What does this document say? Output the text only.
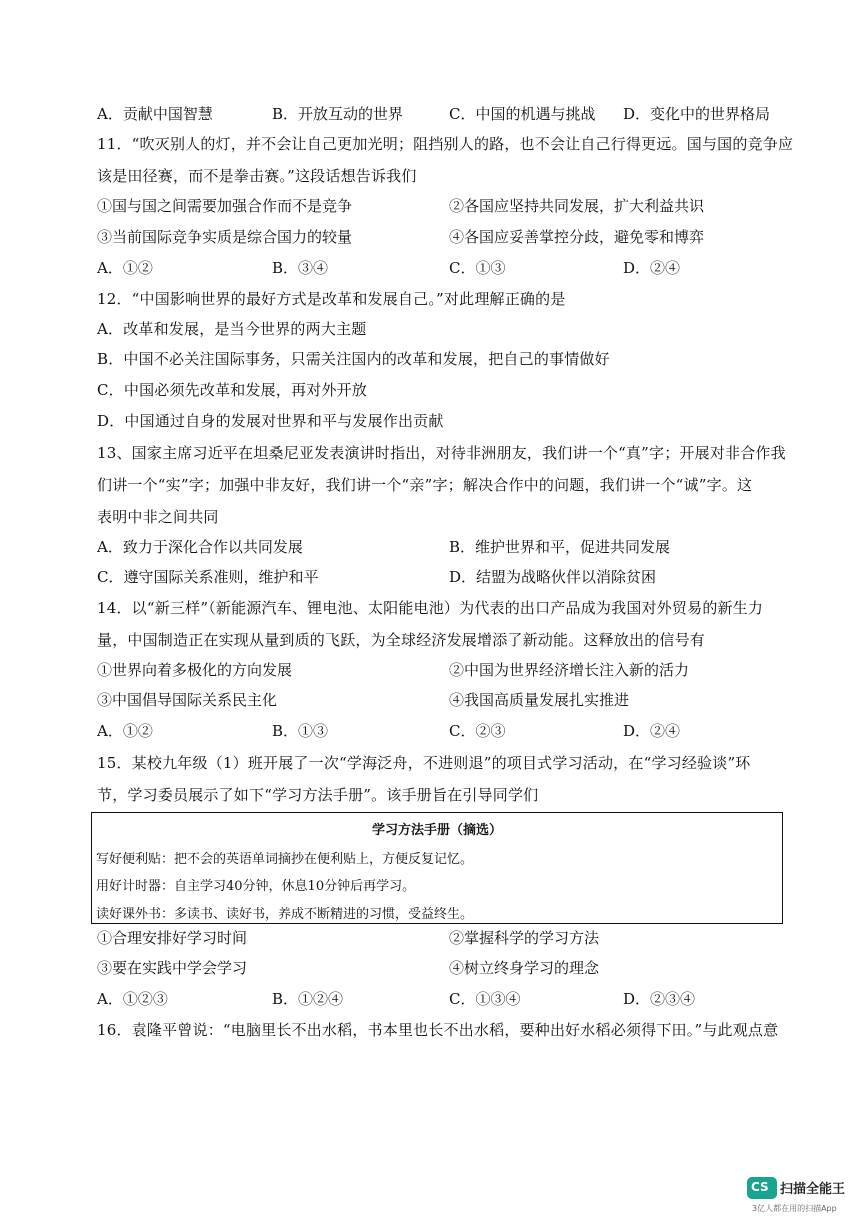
A．贡献中国智慧	B．开放互动的世界	C．中国的机遇与挑战 D．变化中的世界格局
11．“吹灭别人的灯，并不会让自己更加光明；阻挡别人的路，也不会让自己行得更远。国与国的竞争应
该是田径赛，而不是拳击赛。”这段话想告诉我们
①国与国之间需要加强合作而不是竞争	②各国应坚持共同发展，扩大利益共识
③当前国际竞争实质是综合国力的较量	④各国应妥善掌控分歧，避免零和博弈
A．①②	B．③④	C．①③	D．②④
12．“中国影响世界的最好方式是改革和发展自己。”对此理解正确的是
A．改革和发展，是当今世界的两大主题
B．中国不必关注国际事务，只需关注国内的改革和发展，把自己的事情做好
C．中国必须先改革和发展，再对外开放
D．中国通过自身的发展对世界和平与发展作出贡献
13、国家主席习近平在坦桑尼亚发表演讲时指出，对待非洲朋友，我们讲一个“真”字；开展对非合作我
们讲一个“实”字；加强中非友好，我们讲一个“亲”字；解决合作中的问题，我们讲一个“诚”字。这
表明中非之间共同
A．致力于深化合作以共同发展	B．维护世界和平，促进共同发展
C．遵守国际关系准则，维护和平	D．结盟为战略伙伴以消除贫困
14．以“新三样”（新能源汽车、锂电池、太阳能电池）为代表的出口产品成为我国对外贸易的新生力
量，中国制造正在实现从量到质的飞跃，为全球经济发展增添了新动能。这释放出的信号有
①世界向着多极化的方向发展	②中国为世界经济增长注入新的活力
③中国倡导国际关系民主化	④我国高质量发展扎实推进
A．①②	B．①③	C．②③	D．②④
15．某校九年级（1）班开展了一次“学海泛舟，不进则退”的项目式学习活动，在“学习经验谈”环
节，学习委员展示了如下“学习方法手册”。该手册旨在引导同学们
学习方法手册（摘选）
写好便利贴：把不会的英语单词摘抄在便利贴上，方便反复记忆。
用好计时器：自主学习40分钟，休息10分钟后再学习。
读好课外书：多读书、读好书，养成不断精进的习惯，受益终生。
①合理安排好学习时间	②掌握科学的学习方法
③要在实践中学会学习	④树立终身学习的理念
A．①②③	B．①②④	C．①③④	D．②③④
16．袁隆平曾说：“电脑里长不出水稻，书本里也长不出水稻，要种出好水稻必须得下田。”与此观点意
CS 扫描全能王
3亿人都在用的扫描App
